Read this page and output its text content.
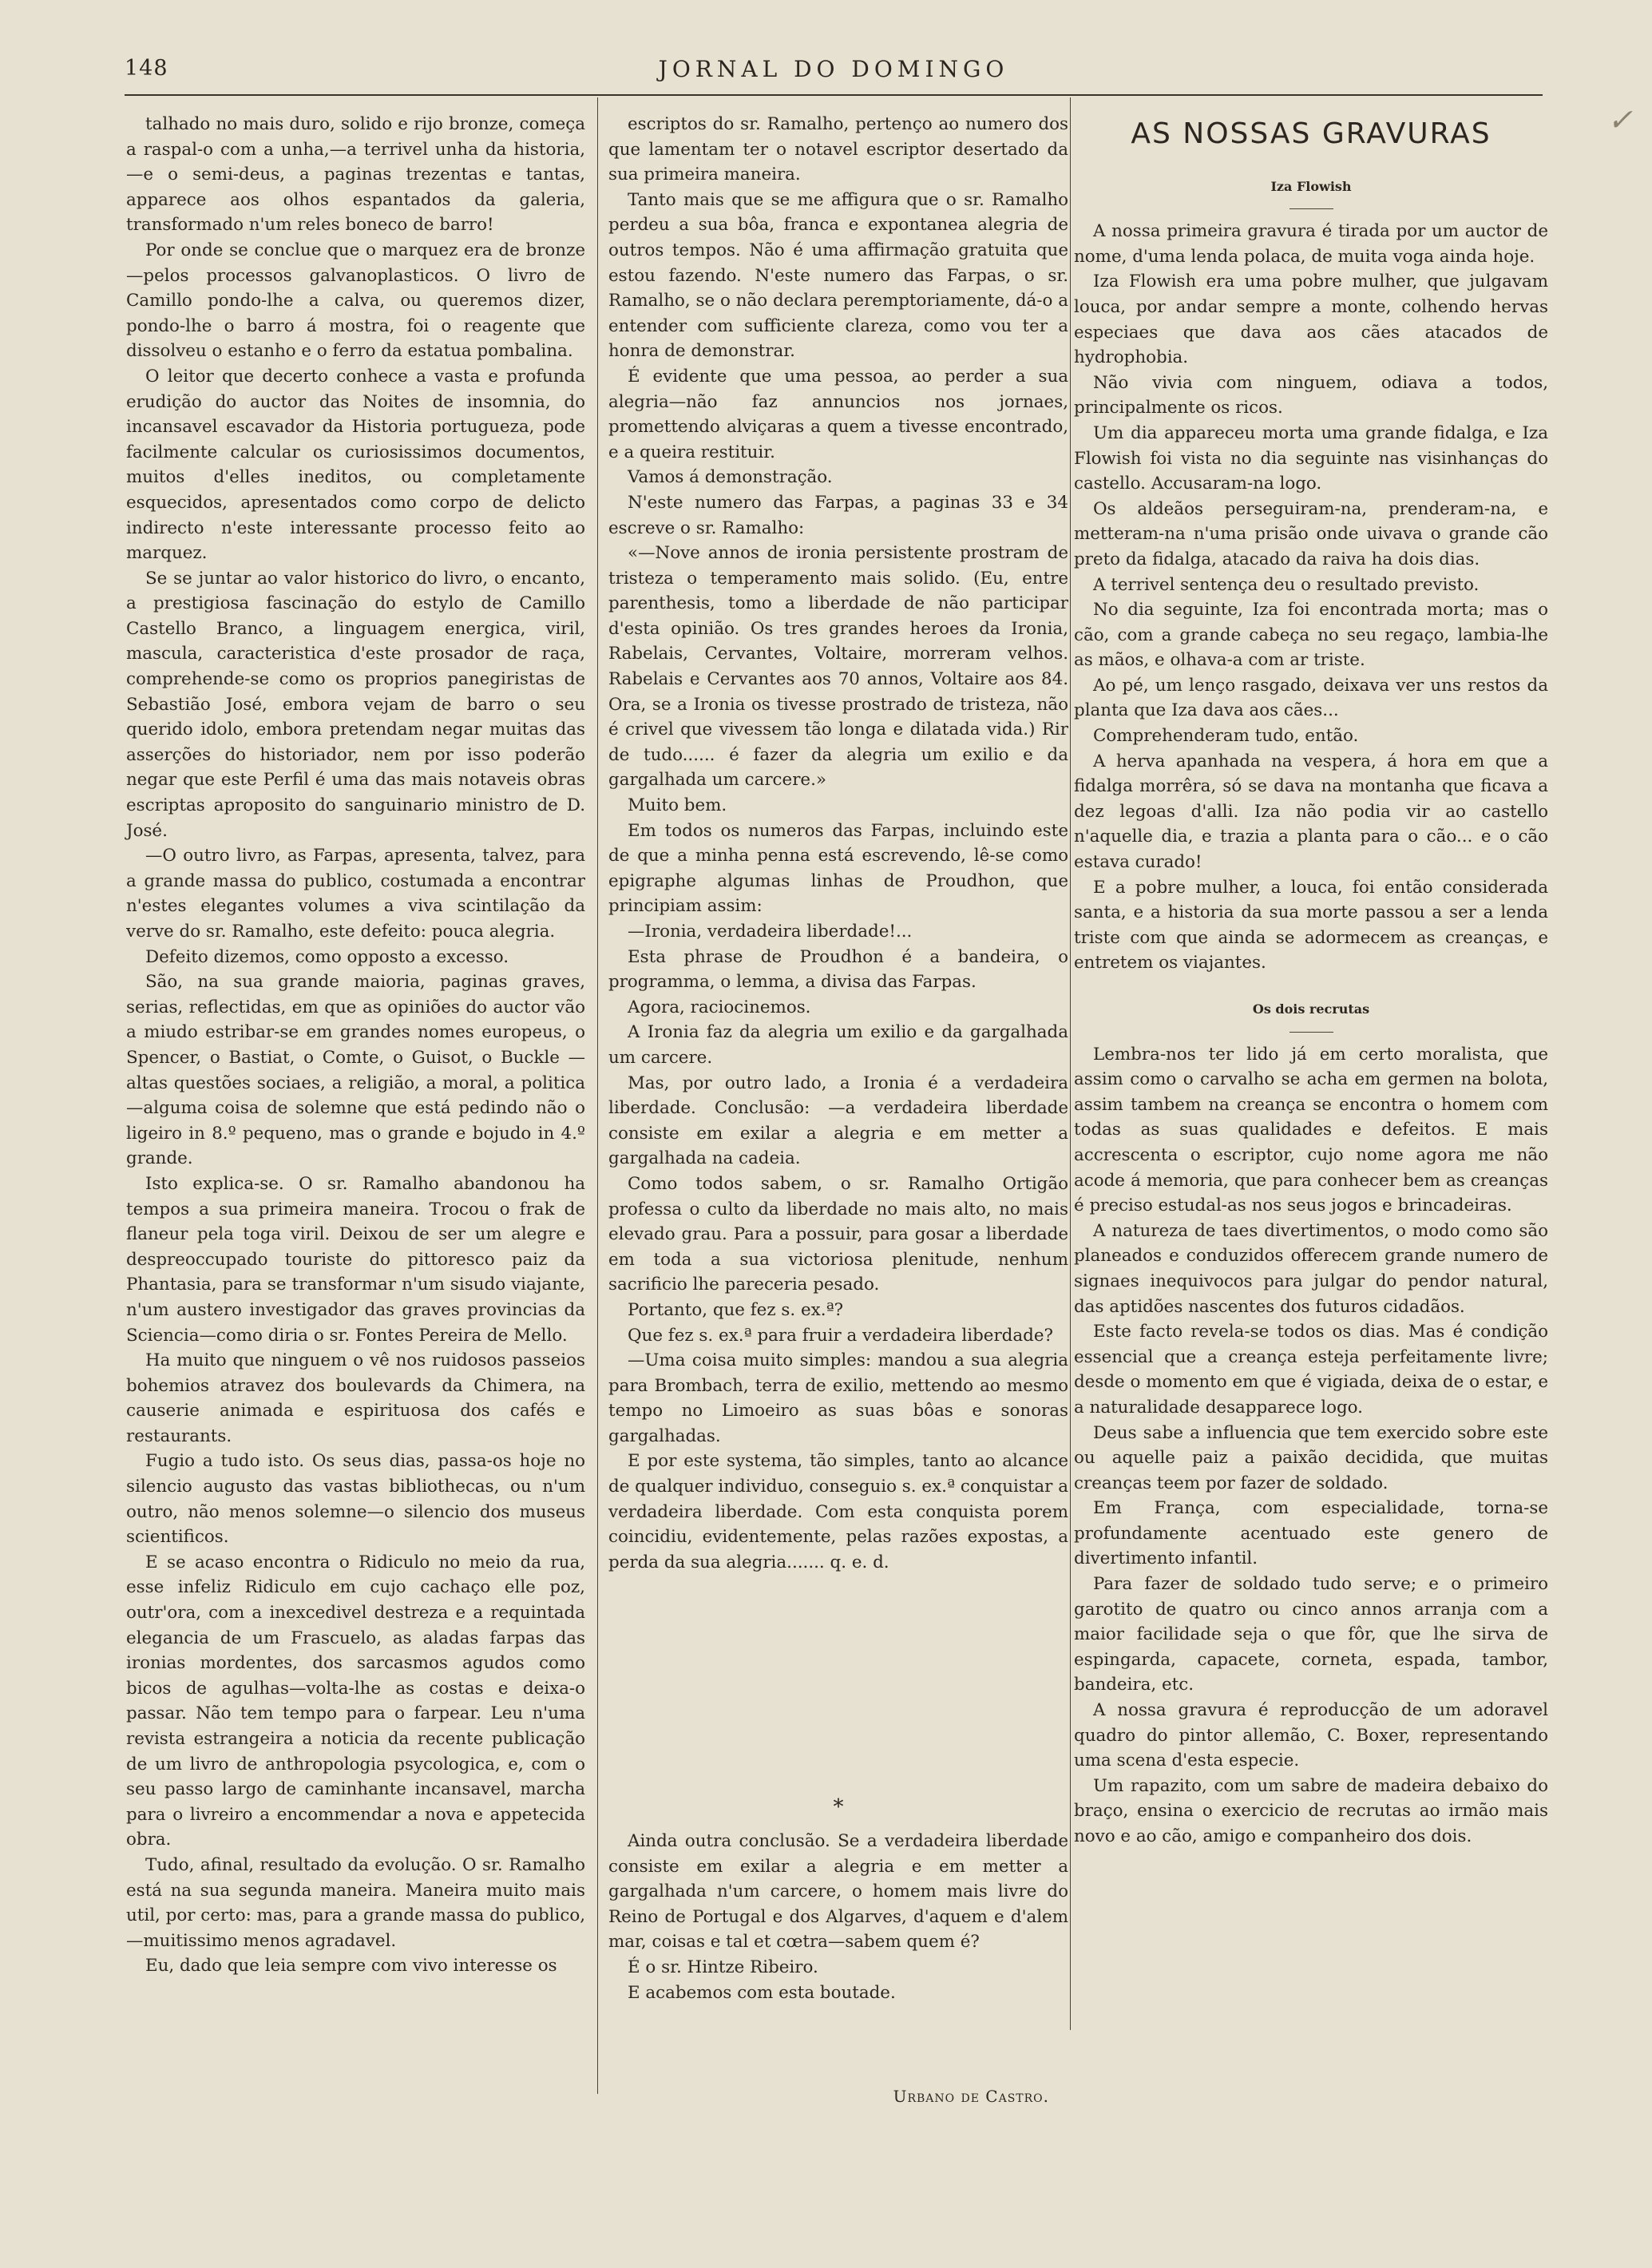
148	JORNAL DO DOMINGO

talhado no mais duro, solido e rijo bronze, começa a raspal-o com a unha,—a terrivel unha da historia,—e o semi-deus, a paginas trezentas e tantas, apparece aos olhos espantados da galeria, transformado n'um reles boneco de barro!

Por onde se conclue que o marquez era de bronze —pelos processos galvanoplasticos. O livro de Camillo pondo-lhe a calva, ou queremos dizer, pondo-lhe o barro á mostra, foi o reagente que dissolveu o estanho e o ferro da estatua pombalina.

O leitor que decerto conhece a vasta e profunda erudição do auctor das Noites de insomnia, do incansavel escavador da Historia portugueza, pode facilmente calcular os curiosissimos documentos, muitos d'elles ineditos, ou completamente esquecidos, apresentados como corpo de delicto indirecto n'este interessante processo feito ao marquez.

Se se juntar ao valor historico do livro, o encanto, a prestigiosa fascinação do estylo de Camillo Castello Branco, a linguagem energica, viril, mascula, caracteristica d'este prosador de raça, comprehende-se como os proprios panegiristas de Sebastião José, embora vejam de barro o seu querido idolo, embora pretendam negar muitas das asserções do historiador, nem por isso poderão negar que este Perfil é uma das mais notaveis obras escriptas aproposito do sanguinario ministro de D. José.

—O outro livro, as Farpas, apresenta, talvez, para a grande massa do publico, costumada a encontrar n'estes elegantes volumes a viva scintilação da verve do sr. Ramalho, este defeito: pouca alegria.

Defeito dizemos, como opposto a excesso.

São, na sua grande maioria, paginas graves, serias, reflectidas, em que as opiniões do auctor vão a miudo estribar-se em grandes nomes europeus, o Spencer, o Bastiat, o Comte, o Guisot, o Buckle —altas questões sociaes, a religião, a moral, a politica—alguma coisa de solemne que está pedindo não o ligeiro in 8.º pequeno, mas o grande e bojudo in 4.º grande.

Isto explica-se. O sr. Ramalho abandonou ha tempos a sua primeira maneira. Trocou o frak de flaneur pela toga viril. Deixou de ser um alegre e despreoccupado touriste do pittoresco paiz da Phantasia, para se transformar n'um sisudo viajante, n'um austero investigador das graves provincias da Sciencia—como diria o sr. Fontes Pereira de Mello.

Ha muito que ninguem o vê nos ruidosos passeios bohemios atravez dos boulevards da Chimera, na causerie animada e espirituosa dos cafés e restaurants.

Fugio a tudo isto. Os seus dias, passa-os hoje no silencio augusto das vastas bibliothecas, ou n'um outro, não menos solemne—o silencio dos museus scientificos.

E se acaso encontra o Ridiculo no meio da rua, esse infeliz Ridiculo em cujo cachaço elle poz, outr'ora, com a inexcedivel destreza e a requintada elegancia de um Frascuelo, as aladas farpas das ironias mordentes, dos sarcasmos agudos como bicos de agulhas—volta-lhe as costas e deixa-o passar. Não tem tempo para o farpear. Leu n'uma revista estrangeira a noticia da recente publicação de um livro de anthropologia psycologica, e, com o seu passo largo de caminhante incansavel, marcha para o livreiro a encommendar a nova e appetecida obra.

Tudo, afinal, resultado da evolução. O sr. Ramalho está na sua segunda maneira. Maneira muito mais util, por certo: mas, para a grande massa do publico,—muitissimo menos agradavel.

Eu, dado que leia sempre com vivo interesse os

escriptos do sr. Ramalho, pertenço ao numero dos que lamentam ter o notavel escriptor desertado da sua primeira maneira.

Tanto mais que se me affigura que o sr. Ramalho perdeu a sua bôa, franca e expontanea alegria de outros tempos. Não é uma affirmação gratuita que estou fazendo. N'este numero das Farpas, o sr. Ramalho, se o não declara peremptoriamente, dá-o a entender com sufficiente clareza, como vou ter a honra de demonstrar.

É evidente que uma pessoa, ao perder a sua alegria—não faz annuncios nos jornaes, promettendo alviçaras a quem a tivesse encontrado, e a queira restituir.

Vamos á demonstração.

N'este numero das Farpas, a paginas 33 e 34 escreve o sr. Ramalho:

«—Nove annos de ironia persistente prostram de tristeza o temperamento mais solido. (Eu, entre parenthesis, tomo a liberdade de não participar d'esta opinião. Os tres grandes heroes da Ironia, Rabelais, Cervantes, Voltaire, morreram velhos. Rabelais e Cervantes aos 70 annos, Voltaire aos 84. Ora, se a Ironia os tivesse prostrado de tristeza, não é crivel que vivessem tão longa e dilatada vida.) Rir de tudo...... é fazer da alegria um exilio e da gargalhada um carcere.»

Muito bem.

Em todos os numeros das Farpas, incluindo este de que a minha penna está escrevendo, lê-se como epigraphe algumas linhas de Proudhon, que principiam assim:

—Ironia, verdadeira liberdade!...

Esta phrase de Proudhon é a bandeira, o programma, o lemma, a divisa das Farpas.

Agora, raciocinemos.

A Ironia faz da alegria um exilio e da gargalhada um carcere.

Mas, por outro lado, a Ironia é a verdadeira liberdade. Conclusão: —a verdadeira liberdade consiste em exilar a alegria e em metter a gargalhada na cadeia.

Como todos sabem, o sr. Ramalho Ortigão professa o culto da liberdade no mais alto, no mais elevado grau. Para a possuir, para gosar a liberdade em toda a sua victoriosa plenitude, nenhum sacrificio lhe pareceria pesado.

Portanto, que fez s. ex.ª?

Que fez s. ex.ª para fruir a verdadeira liberdade?

—Uma coisa muito simples: mandou a sua alegria para Brombach, terra de exilio, mettendo ao mesmo tempo no Limoeiro as suas bôas e sonoras gargalhadas.

E por este systema, tão simples, tanto ao alcance de qualquer individuo, conseguio s. ex.ª conquistar a verdadeira liberdade. Com esta conquista porem coincidiu, evidentemente, pelas razões expostas, a perda da sua alegria....... q. e. d.

*

Ainda outra conclusão. Se a verdadeira liberdade consiste em exilar a alegria e em metter a gargalhada n'um carcere, o homem mais livre do Reino de Portugal e dos Algarves, d'aquem e d'alem mar, coisas e tal et cœtra—sabem quem é?

É o sr. Hintze Ribeiro.

E acabemos com esta boutade.

Urbano de Castro.
AS NOSSAS GRAVURAS
Iza Flowish

A nossa primeira gravura é tirada por um auctor de nome, d'uma lenda polaca, de muita voga ainda hoje.

Iza Flowish era uma pobre mulher, que julgavam louca, por andar sempre a monte, colhendo hervas especiaes que dava aos cães atacados de hydrophobia.

Não vivia com ninguem, odiava a todos, principalmente os ricos.

Um dia appareceu morta uma grande fidalga, e Iza Flowish foi vista no dia seguinte nas visinhanças do castello. Accusaram-na logo.

Os aldeãos perseguiram-na, prenderam-na, e metteram-na n'uma prisão onde uivava o grande cão preto da fidalga, atacado da raiva ha dois dias.

A terrivel sentença deu o resultado previsto.

No dia seguinte, Iza foi encontrada morta; mas o cão, com a grande cabeça no seu regaço, lambia-lhe as mãos, e olhava-a com ar triste.

Ao pé, um lenço rasgado, deixava ver uns restos da planta que Iza dava aos cães...

Comprehenderam tudo, então.

A herva apanhada na vespera, á hora em que a fidalga morrêra, só se dava na montanha que ficava a dez legoas d'alli. Iza não podia vir ao castello n'aquelle dia, e trazia a planta para o cão... e o cão estava curado!

E a pobre mulher, a louca, foi então considerada santa, e a historia da sua morte passou a ser a lenda triste com que ainda se adormecem as creanças, e entretem os viajantes.

Os dois recrutas

Lembra-nos ter lido já em certo moralista, que assim como o carvalho se acha em germen na bolota, assim tambem na creança se encontra o homem com todas as suas qualidades e defeitos. E mais accrescenta o escriptor, cujo nome agora me não acode á memoria, que para conhecer bem as creanças é preciso estudal-as nos seus jogos e brincadeiras.

A natureza de taes divertimentos, o modo como são planeados e conduzidos offerecem grande numero de signaes inequivocos para julgar do pendor natural, das aptidões nascentes dos futuros cidadãos.

Este facto revela-se todos os dias. Mas é condição essencial que a creança esteja perfeitamente livre; desde o momento em que é vigiada, deixa de o estar, e a naturalidade desapparece logo.

Deus sabe a influencia que tem exercido sobre este ou aquelle paiz a paixão decidida, que muitas creanças teem por fazer de soldado.

Em França, com especialidade, torna-se profundamente acentuado este genero de divertimento infantil.

Para fazer de soldado tudo serve; e o primeiro garotito de quatro ou cinco annos arranja com a maior facilidade seja o que fôr, que lhe sirva de espingarda, capacete, corneta, espada, tambor, bandeira, etc.

A nossa gravura é reproducção de um adoravel quadro do pintor allemão, C. Boxer, representando uma scena d'esta especie.

Um rapazito, com um sabre de madeira debaixo do braço, ensina o exercicio de recrutas ao irmão mais novo e ao cão, amigo e companheiro dos dois.

✓
